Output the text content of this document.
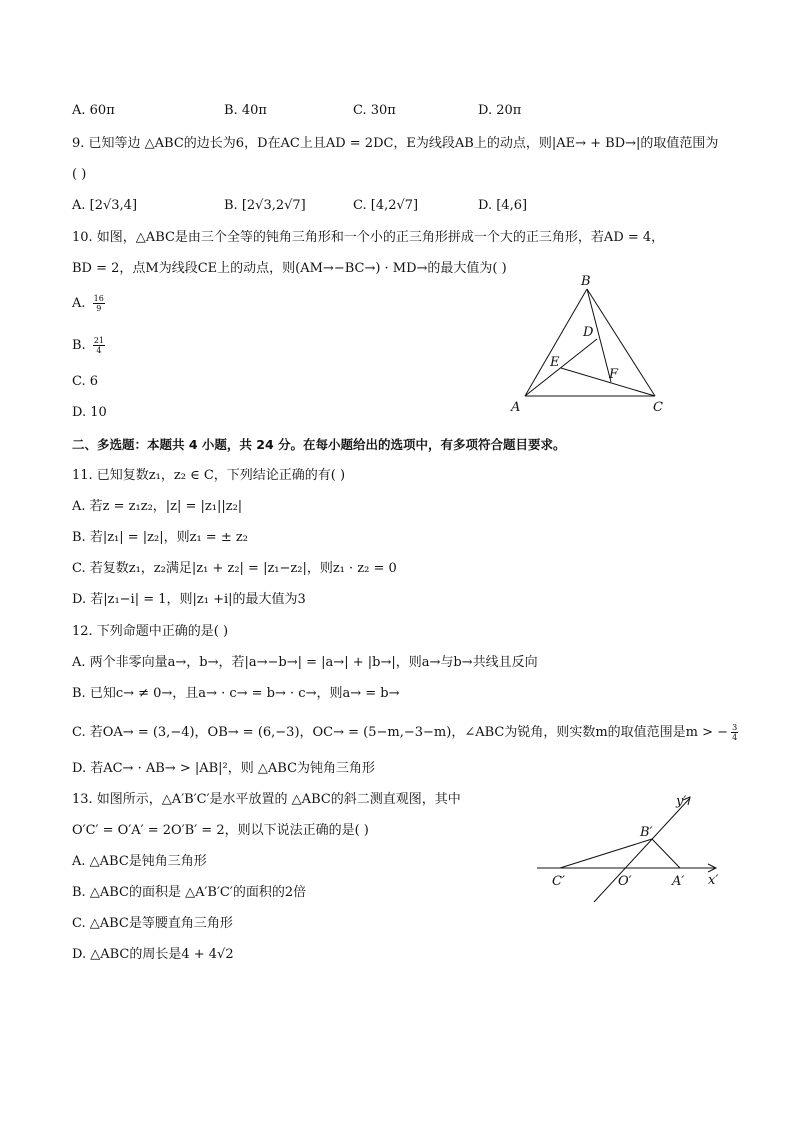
A. 60π	B. 40π	C. 30π	D. 20π
9. 已知等边 △ABC的边长为6，D在AC上且AD = 2DC，E为线段AB上的动点，则|AE→ + BD→|的取值范围为
( )
A. [2√3,4]	B. [2√3,2√7]	C. [4,2√7]	D. [4,6]
10. 如图，△ABC是由三个全等的钝角三角形和一个小的正三角形拼成一个大的正三角形，若AD = 4，
BD = 2，点M为线段CE上的动点，则(AM→−BC→) · MD→的最大值为( )
A. $\frac{16}{9}$
B. $\frac{21}{4}$
C. 6
D. 10	A
B
C
D
E
F
二、多选题：本题共 4 小题，共 24 分。在每小题给出的选项中，有多项符合题目要求。
11. 已知复数z₁，z₂ ∈ C，下列结论正确的有( )
A. 若z = z₁z₂，|z| = |z₁||z₂|
B. 若|z₁| = |z₂|，则z₁ = ± z₂
C. 若复数z₁，z₂满足|z₁ + z₂| = |z₁−z₂|，则z₁ · z₂ = 0
D. 若|z₁−i| = 1，则|z₁ +i|的最大值为3
12. 下列命题中正确的是( )
A. 两个非零向量a→，b→，若|a→−b→| = |a→| + |b→|，则a→与b→共线且反向
B. 已知c→ ≠ 0→，且a→ · c→ = b→ · c→，则a→ = b→
C. 若OA→ = (3,−4)，OB→ = (6,−3)，OC→ = (5−m,−3−m)，∠ABC为锐角，则实数m的取值范围是m > − $\frac{3}{4}$
D. 若AC→ · AB→ > |AB|²，则 △ABC为钝角三角形
13. 如图所示，△A′B′C′是水平放置的 △ABC的斜二测直观图，其中
O′C′ = O′A′ = 2O′B′ = 2，则以下说法正确的是( )
A. △ABC是钝角三角形
B. △ABC的面积是 △A′B′C′的面积的2倍
C. △ABC是等腰直角三角形
D. △ABC的周长是4 + 4√2
y′
x′
B′
C′	O′	A′
